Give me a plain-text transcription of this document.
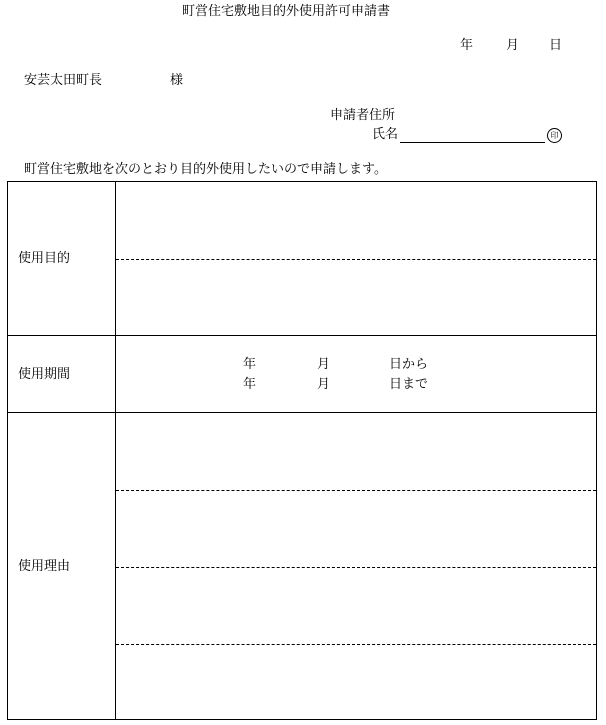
町営住宅敷地目的外使用許可申請書
年	月 日
安芸太田町長	様
申請者住所
氏名	印
町営住宅敷地を次のとおり目的外使用したいので申請します。
使用目的
使用期間
年	月	日から
年	月	日まで
使用理由
